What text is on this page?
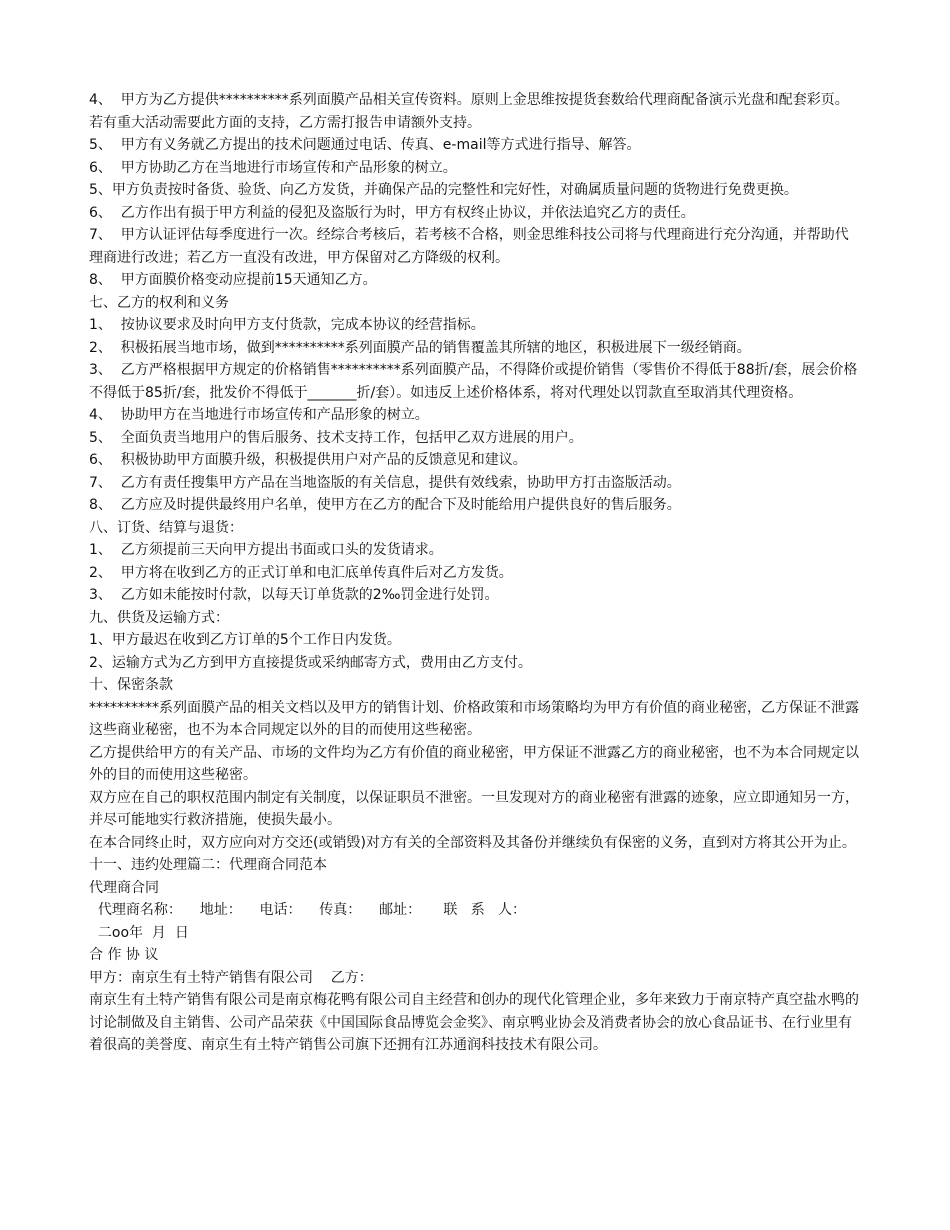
4、  甲方为乙方提供**********系列面膜产品相关宣传资料。原则上金思维按提货套数给代理商配备演示光盘和配套彩页。若有重大活动需要此方面的支持，乙方需打报告申请额外支持。

5、  甲方有义务就乙方提出的技术问题通过电话、传真、e-mail等方式进行指导、解答。

6、  甲方协助乙方在当地进行市场宣传和产品形象的树立。

5、甲方负责按时备货、验货、向乙方发货，并确保产品的完整性和完好性，对确属质量问题的货物进行免费更换。

6、  乙方作出有损于甲方利益的侵犯及盗版行为时，甲方有权终止协议，并依法追究乙方的责任。

7、  甲方认证评估每季度进行一次。经综合考核后，若考核不合格，则金思维科技公司将与代理商进行充分沟通，并帮助代理商进行改进；若乙方一直没有改进，甲方保留对乙方降级的权利。

8、  甲方面膜价格变动应提前15天通知乙方。

七、乙方的权利和义务

1、  按协议要求及时向甲方支付货款，完成本协议的经营指标。

2、  积极拓展当地市场，做到**********系列面膜产品的销售覆盖其所辖的地区，积极进展下一级经销商。

3、  乙方严格根据甲方规定的价格销售**********系列面膜产品，不得降价或提价销售（零售价不得低于88折/套，展会价格不得低于85折/套，批发价不得低于_______折/套）。如违反上述价格体系，将对代理处以罚款直至取消其代理资格。

4、  协助甲方在当地进行市场宣传和产品形象的树立。

5、  全面负责当地用户的售后服务、技术支持工作，包括甲乙双方进展的用户。

6、  积极协助甲方面膜升级，积极提供用户对产品的反馈意见和建议。

7、  乙方有责任搜集甲方产品在当地盗版的有关信息，提供有效线索，协助甲方打击盗版活动。

8、  乙方应及时提供最终用户名单，使甲方在乙方的配合下及时能给用户提供良好的售后服务。

八、订货、结算与退货：

1、  乙方须提前三天向甲方提出书面或口头的发货请求。

2、  甲方将在收到乙方的正式订单和电汇底单传真件后对乙方发货。

3、  乙方如未能按时付款，以每天订单货款的2‰罚金进行处罚。

九、供货及运输方式：

1、甲方最迟在收到乙方订单的5个工作日内发货。

2、运输方式为乙方到甲方直接提货或采纳邮寄方式，费用由乙方支付。

十、保密条款

**********系列面膜产品的相关文档以及甲方的销售计划、价格政策和市场策略均为甲方有价值的商业秘密，乙方保证不泄露这些商业秘密，也不为本合同规定以外的目的而使用这些秘密。

乙方提供给甲方的有关产品、市场的文件均为乙方有价值的商业秘密，甲方保证不泄露乙方的商业秘密，也不为本合同规定以外的目的而使用这些秘密。

双方应在自己的职权范围内制定有关制度，以保证职员不泄密。一旦发现对方的商业秘密有泄露的迹象，应立即通知另一方，并尽可能地实行救济措施，使损失最小。

在本合同终止时，双方应向对方交还(或销毁)对方有关的全部资料及其备份并继续负有保密的义务，直到对方将其公开为止。

十一、违约处理篇二：代理商合同范本

代理商合同

代理商名称：    地址：    电话：    传真：    邮址：     联   系   人：

二oo年  月  日

合 作 协 议

甲方：南京生有土特产销售有限公司    乙方：

南京生有土特产销售有限公司是南京梅花鸭有限公司自主经营和创办的现代化管理企业，多年来致力于南京特产真空盐水鸭的讨论制做及自主销售、公司产品荣获《中国国际食品博览会金奖》、南京鸭业协会及消费者协会的放心食品证书、在行业里有着很高的美誉度、南京生有土特产销售公司旗下还拥有江苏通润科技技术有限公司。
